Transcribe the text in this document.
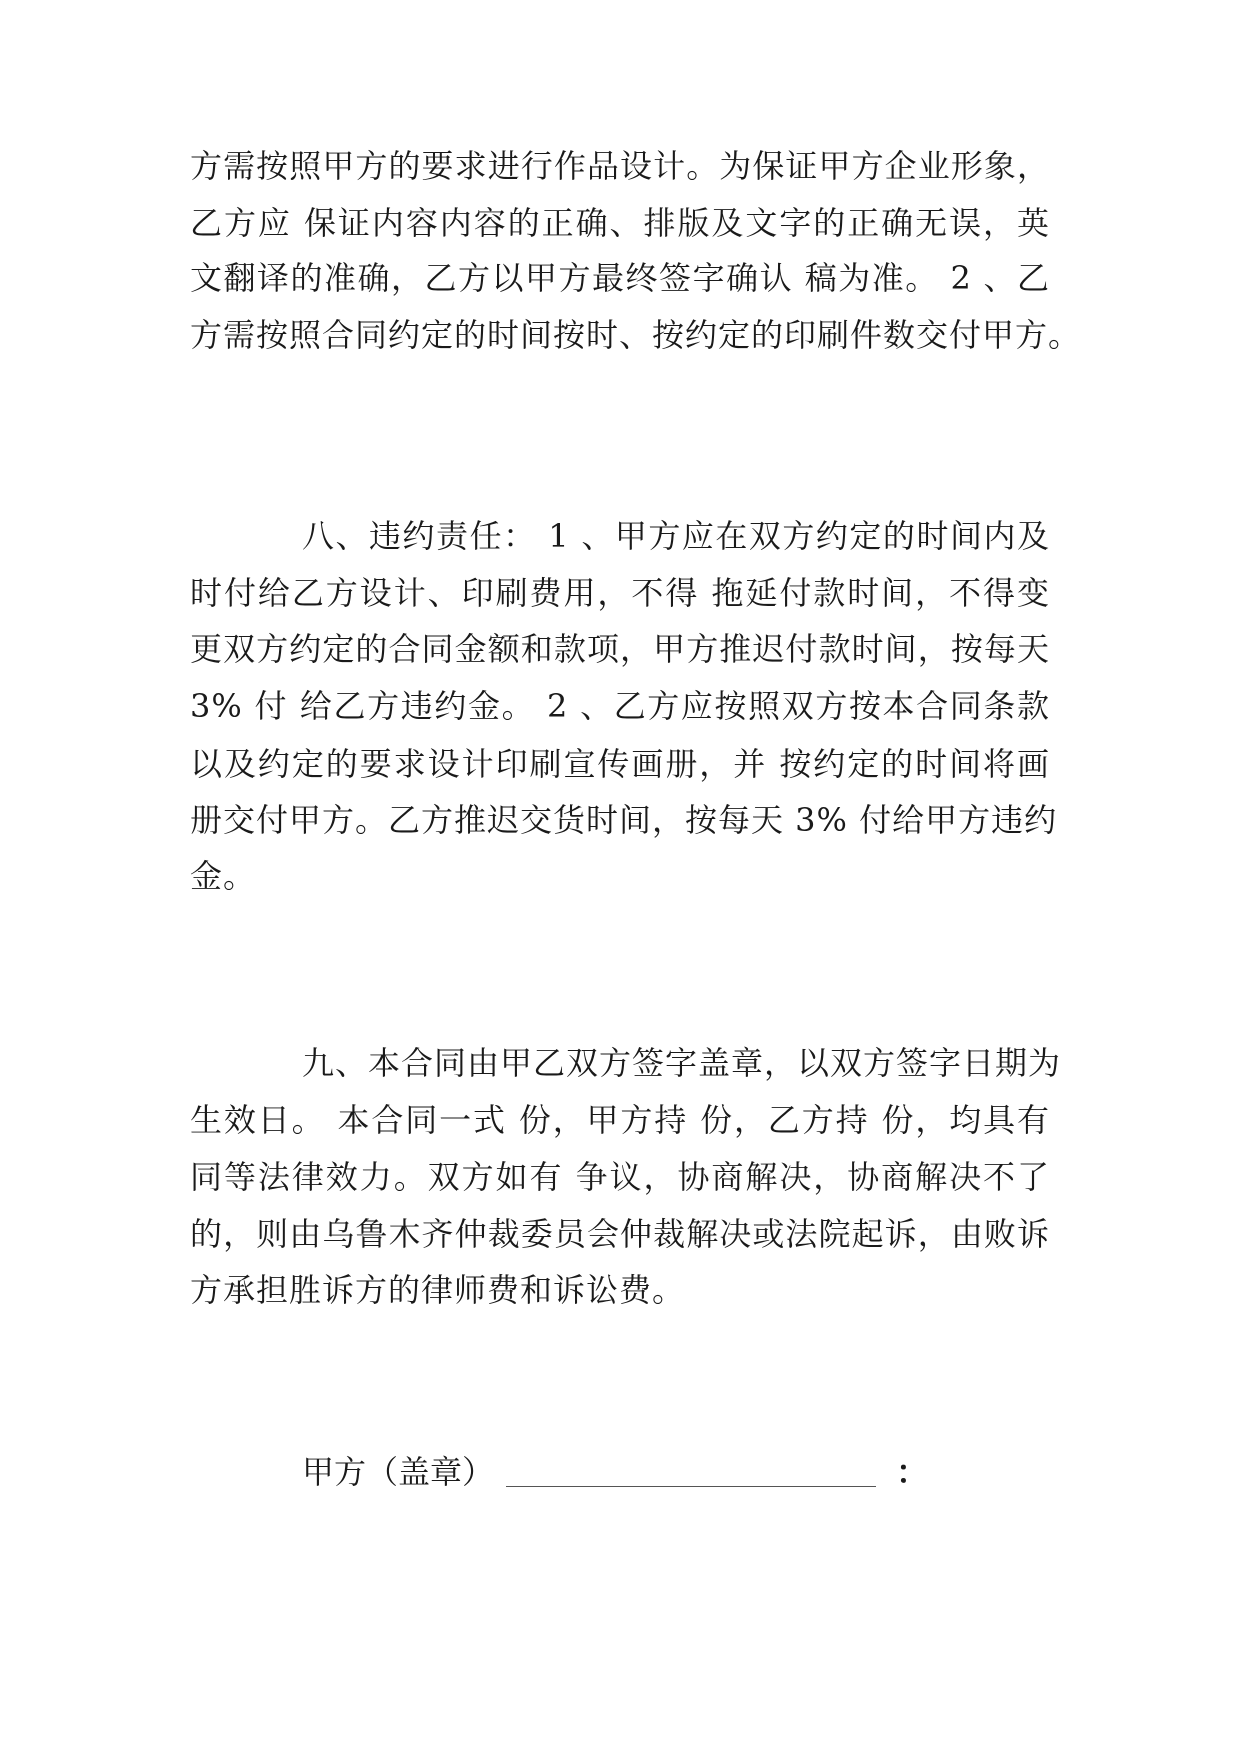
方需按照甲方的要求进行作品设计。为保证甲方企业形象，
乙方应 保证内容内容的正确、排版及文字的正确无误，英
文翻译的准确，乙方以甲方最终签字确认 稿为准。 2 、乙
方需按照合同约定的时间按时、按约定的印刷件数交付甲方。
八、违约责任： 1 、甲方应在双方约定的时间内及
时付给乙方设计、印刷费用，不得 拖延付款时间，不得变
更双方约定的合同金额和款项，甲方推迟付款时间，按每天
3% 付 给乙方违约金。 2 、乙方应按照双方按本合同条款
以及约定的要求设计印刷宣传画册，并 按约定的时间将画
册交付甲方。乙方推迟交货时间，按每天 3% 付给甲方违约
金。
九、本合同由甲乙双方签字盖章，以双方签字日期为
生效日。 本合同一式 份，甲方持 份，乙方持 份，均具有
同等法律效力。双方如有 争议，协商解决，协商解决不了
的，则由乌鲁木齐仲裁委员会仲裁解决或法院起诉，由败诉
方承担胜诉方的律师费和诉讼费。
甲方（盖章）	：
